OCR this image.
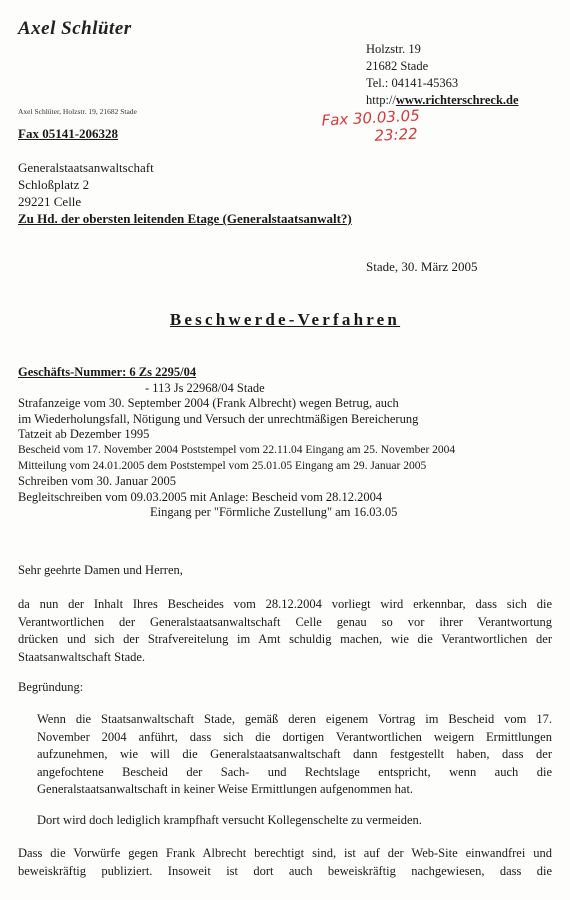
Axel Schlüter
Holzstr. 19
21682 Stade
Tel.: 04141-45363
http://www.richterschreck.de
Axel Schlüter, Holzstr. 19, 21682 Stade
Fax 05141-206328
Fax 30.03.05
23:22
Generalstaatsanwaltschaft
Schloßplatz 2
29221 Celle
Zu Hd. der obersten leitenden Etage (Generalstaatsanwalt?)
Stade, 30. März 2005
Beschwerde-Verfahren
Geschäfts-Nummer: 6 Zs 2295/04
- 113 Js 22968/04 Stade
Strafanzeige vom 30. September 2004 (Frank Albrecht) wegen Betrug, auch
im Wiederholungsfall, Nötigung und Versuch der unrechtmäßigen Bereicherung
Tatzeit ab Dezember 1995
Bescheid vom 17. November 2004 Poststempel vom 22.11.04 Eingang am 25. November 2004
Mitteilung vom 24.01.2005 dem Poststempel vom 25.01.05 Eingang am 29. Januar 2005
Schreiben vom 30. Januar 2005
Begleitschreiben vom 09.03.2005 mit Anlage: Bescheid vom 28.12.2004
Eingang per "Förmliche Zustellung" am 16.03.05
Sehr geehrte Damen und Herren,
da nun der Inhalt Ihres Bescheides vom 28.12.2004 vorliegt wird erkennbar, dass sich die
Verantwortlichen der Generalstaatsanwaltschaft Celle genau so vor ihrer Verantwortung
drücken und sich der Strafvereitelung im Amt schuldig machen, wie die Verantwortlichen der
Staatsanwaltschaft Stade.
Begründung:
Wenn die Staatsanwaltschaft Stade, gemäß deren eigenem Vortrag im Bescheid vom 17.
November 2004 anführt, dass sich die dortigen Verantwortlichen weigern Ermittlungen
aufzunehmen, wie will die Generalstaatsanwaltschaft dann festgestellt haben, dass der
angefochtene Bescheid der Sach- und Rechtslage entspricht, wenn auch die
Generalstaatsanwaltschaft in keiner Weise Ermittlungen aufgenommen hat.
Dort wird doch lediglich krampfhaft versucht Kollegenschelte zu vermeiden.
Dass die Vorwürfe gegen Frank Albrecht berechtigt sind, ist auf der Web-Site einwandfrei und
beweiskräftig publiziert. Insoweit ist dort auch beweiskräftig nachgewiesen, dass die
